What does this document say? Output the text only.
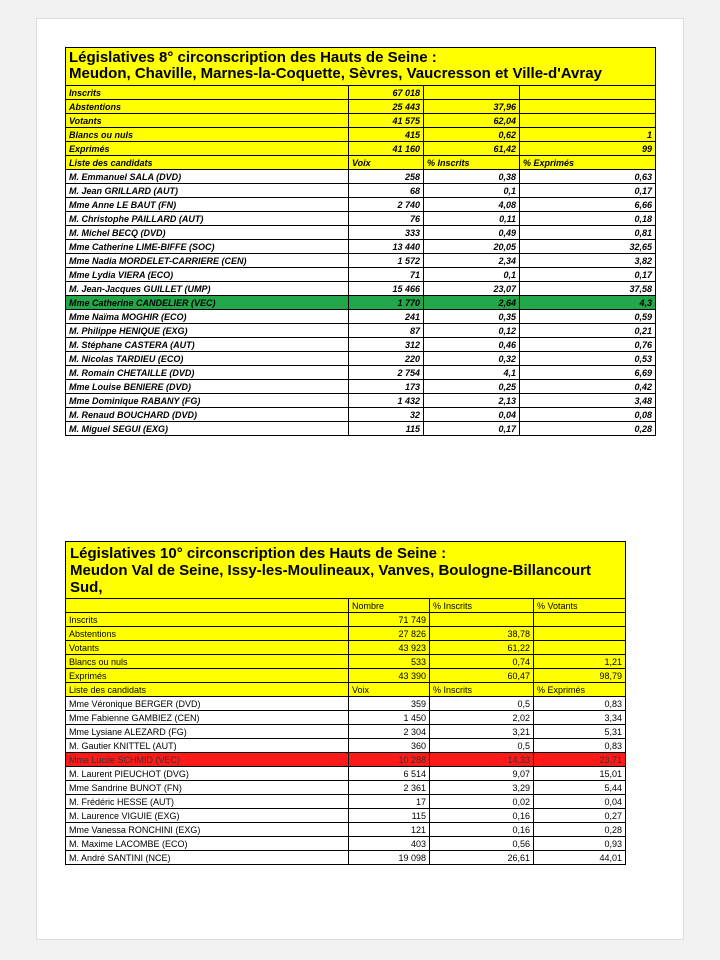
Législatives 8° circonscription des Hauts de Seine :
Meudon, Chaville, Marnes-la-Coquette, Sèvres, Vaucresson et Ville-d'Avray			

Inscrits	67 018		
Abstentions	25 443	37,96	
Votants	41 575	62,04	
Blancs ou nuls	415	0,62	1
Exprimés	41 160	61,42	99
Liste des candidats	Voix	% Inscrits	% Exprimés
M. Emmanuel SALA (DVD)	258	0,38	0,63
M. Jean GRILLARD (AUT)	68	0,1	0,17
Mme Anne LE BAUT (FN)	2 740	4,08	6,66
M. Christophe PAILLARD (AUT)	76	0,11	0,18
M. Michel BECQ (DVD)	333	0,49	0,81
Mme Catherine LIME-BIFFE (SOC)	13 440	20,05	32,65
Mme Nadia MORDELET-CARRIERE (CEN)	1 572	2,34	3,82
Mme Lydia VIERA (ECO)	71	0,1	0,17
M. Jean-Jacques GUILLET (UMP)	15 466	23,07	37,58
Mme Catherine CANDELIER (VEC)	1 770	2,64	4,3
Mme Naïma MOGHIR (ECO)	241	0,35	0,59
M. Philippe HENIQUE (EXG)	87	0,12	0,21
M. Stéphane CASTERA (AUT)	312	0,46	0,76
M. Nicolas TARDIEU (ECO)	220	0,32	0,53
M. Romain CHETAILLE (DVD)	2 754	4,1	6,69
Mme Louise BENIERE (DVD)	173	0,25	0,42
Mme Dominique RABANY (FG)	1 432	2,13	3,48
M. Renaud BOUCHARD (DVD)	32	0,04	0,08
M. Miguel SEGUI (EXG)	115	0,17	0,28
Législatives 10° circonscription des Hauts de Seine :
Meudon Val de Seine, Issy-les-Moulineaux, Vanves, Boulogne-Billancourt Sud,			

	Nombre	% Inscrits	% Votants
Inscrits	71 749		
Abstentions	27 826	38,78	
Votants	43 923	61,22	
Blancs ou nuls	533	0,74	1,21
Exprimés	43 390	60,47	98,79
Liste des candidats	Voix	% Inscrits	% Exprimés
Mme Véronique BERGER (DVD)	359	0,5	0,83
Mme Fabienne GAMBIEZ (CEN)	1 450	2,02	3,34
Mme Lysiane ALEZARD (FG)	2 304	3,21	5,31
M. Gautier KNITTEL (AUT)	360	0,5	0,83
Mme Lucile SCHMID (VEC)	10 288	14,33	23,71
M. Laurent PIEUCHOT (DVG)	6 514	9,07	15,01
Mme Sandrine BUNOT (FN)	2 361	3,29	5,44
M. Frédéric HESSE (AUT)	17	0,02	0,04
M. Laurence VIGUIE (EXG)	115	0,16	0,27
Mme Vanessa RONCHINI (EXG)	121	0,16	0,28
M. Maxime LACOMBE (ECO)	403	0,56	0,93
M. André SANTINI (NCE)	19 098	26,61	44,01
